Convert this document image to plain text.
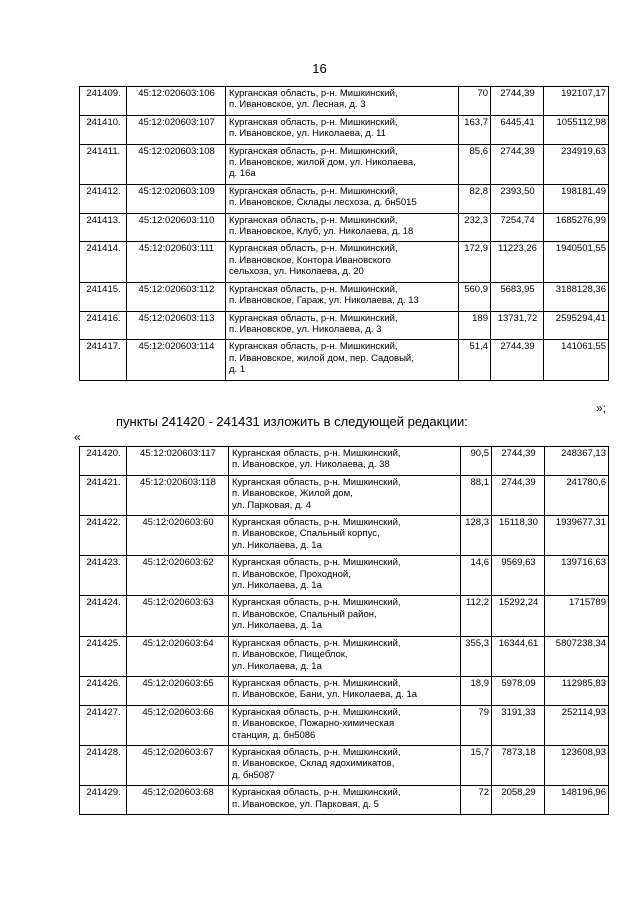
16
241409.	45:12:020603:106	Курганская область, р-н. Мишкинский,
п. Ивановское, ул. Лесная, д. 3	70	2744,39	192107,17
241410.	45:12:020603:107	Курганская область, р-н. Мишкинский,
п. Ивановское, ул. Николаева, д. 11	163,7	6445,41	1055112,98
241411.	45:12:020603:108	Курганская область, р-н. Мишкинский,
п. Ивановское, жилой дом, ул. Николаева,
д. 16а	85,6	2744,39	234919,63
241412.	45:12:020603:109	Курганская область, р-н. Мишкинский,
п. Ивановское, Склады лесхоза, д. бн5015	82,8	2393,50	198181,49
241413.	45:12:020603:110	Курганская область, р-н. Мишкинский,
п. Ивановское, Клуб, ул. Николаева, д. 18	232,3	7254,74	1685276,99
241414.	45:12:020603:111	Курганская область, р-н. Мишкинский,
п. Ивановское, Контора Ивановского
сельхоза, ул. Николаева, д. 20	172,9	11223,26	1940501,55
241415.	45:12:020603:112	Курганская область, р-н. Мишкинский,
п. Ивановское, Гараж, ул. Николаева, д. 13	560,9	5683,95	3188128,36
241416.	45:12:020603:113	Курганская область, р-н. Мишкинский,
п. Ивановское, ул. Николаева, д. 3	189	13731,72	2595294,41
241417.	45:12:020603:114	Курганская область, р-н. Мишкинский,
п. Ивановское, жилой дом, пер. Садовый,
д. 1	51,4	2744,39	141061,55
»;
пункты 241420 - 241431 изложить в следующей редакции:
«
241420.	45:12:020603:117	Курганская область, р-н. Мишкинский,
п. Ивановское, ул. Николаева, д. 38	90,5	2744,39	248367,13
241421.	45:12:020603:118	Курганская область, р-н. Мишкинский,
п. Ивановское, Жилой дом,
ул. Парковая, д. 4	88,1	2744,39	241780,6
241422.	45:12:020603:60	Курганская область, р-н. Мишкинский,
п. Ивановское, Спальный корпус,
ул. Николаева, д. 1а	128,3	15118,30	1939677,31
241423.	45:12:020603:62	Курганская область, р-н. Мишкинский,
п. Ивановское, Проходной,
ул. Николаева, д. 1а	14,6	9569,63	139716,63
241424.	45:12:020603:63	Курганская область, р-н. Мишкинский,
п. Ивановское, Спальный район,
ул. Николаева, д. 1а	112,2	15292,24	1715789
241425.	45:12:020603:64	Курганская область, р-н. Мишкинский,
п. Ивановское, Пищеблок,
ул. Николаева, д. 1а	355,3	16344,61	5807238,34
241426.	45:12:020603:65	Курганская область, р-н. Мишкинский,
п. Ивановское, Бани, ул. Николаева, д. 1а	18,9	5978,09	112985,83
241427.	45:12:020603:66	Курганская область, р-н. Мишкинский,
п. Ивановское, Пожарно-химическая
станция, д. бн5086	79	3191,33	252114,93
241428.	45:12:020603:67	Курганская область, р-н. Мишкинский,
п. Ивановское, Склад ядохимикатов,
д. бн5087	15,7	7873,18	123608,93
241429.	45:12:020603:68	Курганская область, р-н. Мишкинский,
п. Ивановское, ул. Парковая, д. 5	72	2058,29	148196,96
